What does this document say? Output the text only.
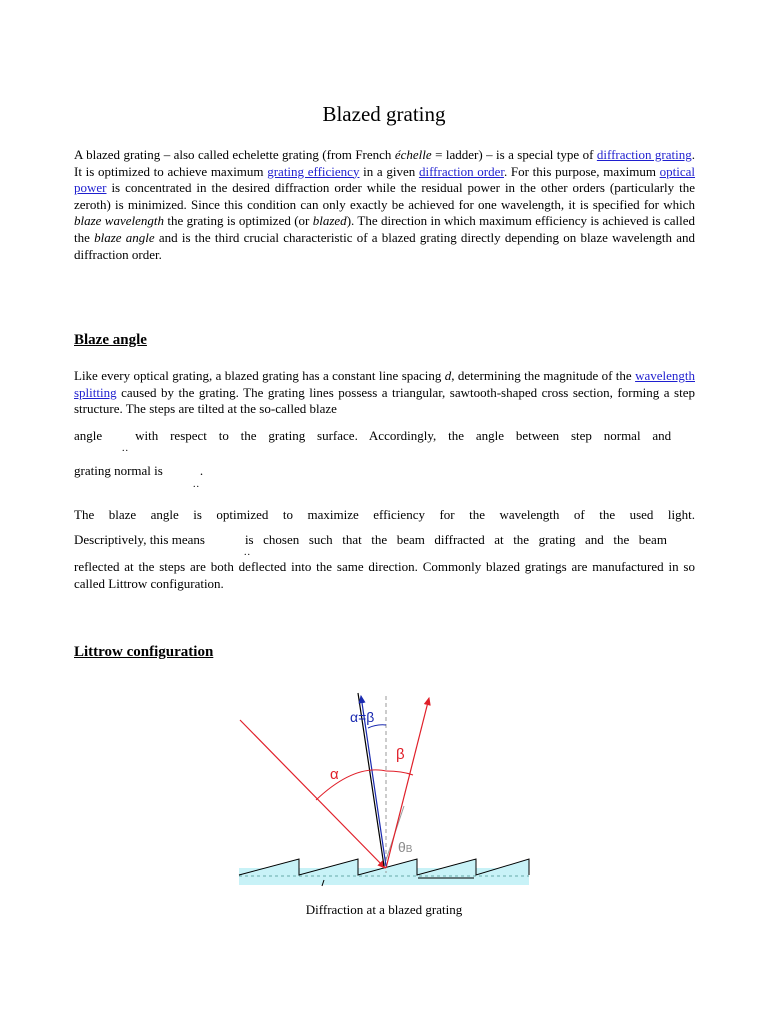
Blazed grating
A blazed grating – also called echelette grating (from French échelle = ladder) – is a special type of diffraction grating. It is optimized to achieve maximum grating efficiency in a given diffraction order. For this purpose, maximum optical power is concentrated in the desired diffraction order while the residual power in the other orders (particularly the zeroth) is minimized. Since this condition can only exactly be achieved for one wavelength, it is specified for which blaze wavelength the grating is optimized (or blazed). The direction in which maximum efficiency is achieved is called the blaze angle and is the third crucial characteristic of a blazed grating directly depending on blaze wavelength and diffraction order.
Blaze angle
Like every optical grating, a blazed grating has a constant line spacing d, determining the magnitude of the wavelength splitting caused by the grating. The grating lines possess a triangular, sawtooth-shaped cross section, forming a step structure. The steps are tilted at the so-called blaze
angle	with respect to the grating surface. Accordingly, the angle between step normal and
..
grating normal is	.
..
The blaze angle is optimized to maximize efficiency for the wavelength of the used light.
Descriptively, this means	is chosen such that the beam diffracted at the grating and the beam
..
reflected at the steps are both deflected into the same direction. Commonly blazed gratings are manufactured in so called Littrow configuration.
Littrow configuration
α=β
α
β
θB
Diffraction at a blazed grating
